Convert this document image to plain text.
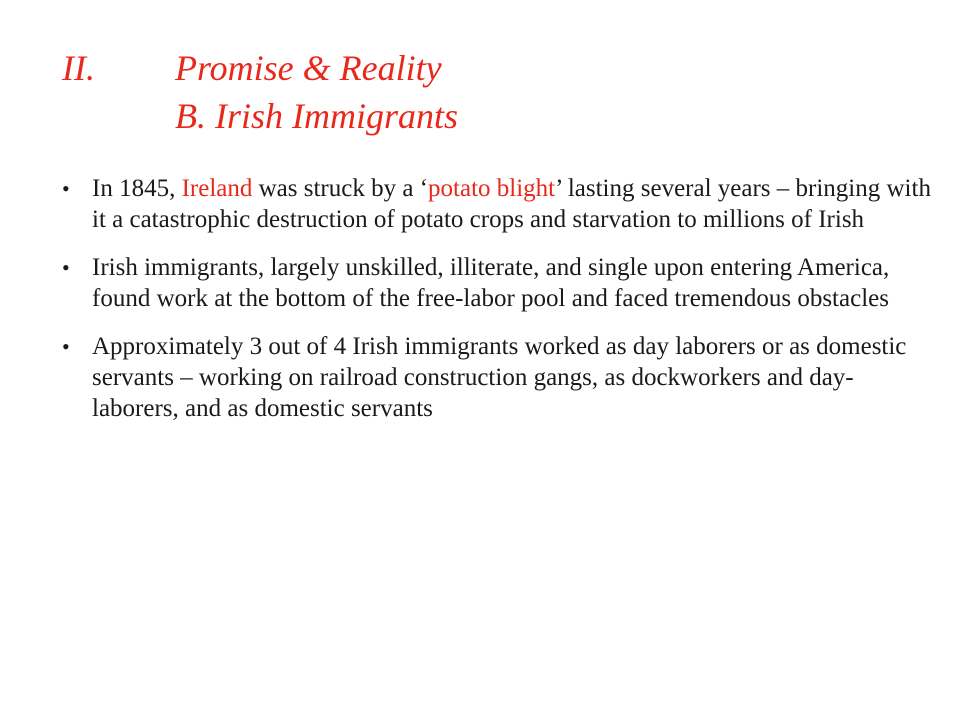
II. Promise & Reality
B. Irish Immigrants
• In 1845, Ireland was struck by a ‘potato blight’ lasting several years – bringing with it a catastrophic destruction of potato crops and starvation to millions of Irish
• Irish immigrants, largely unskilled, illiterate, and single upon entering America, found work at the bottom of the free-labor pool and faced tremendous obstacles
• Approximately 3 out of 4 Irish immigrants worked as day laborers or as domestic servants – working on railroad construction gangs, as dockworkers and day-laborers, and as domestic servants
